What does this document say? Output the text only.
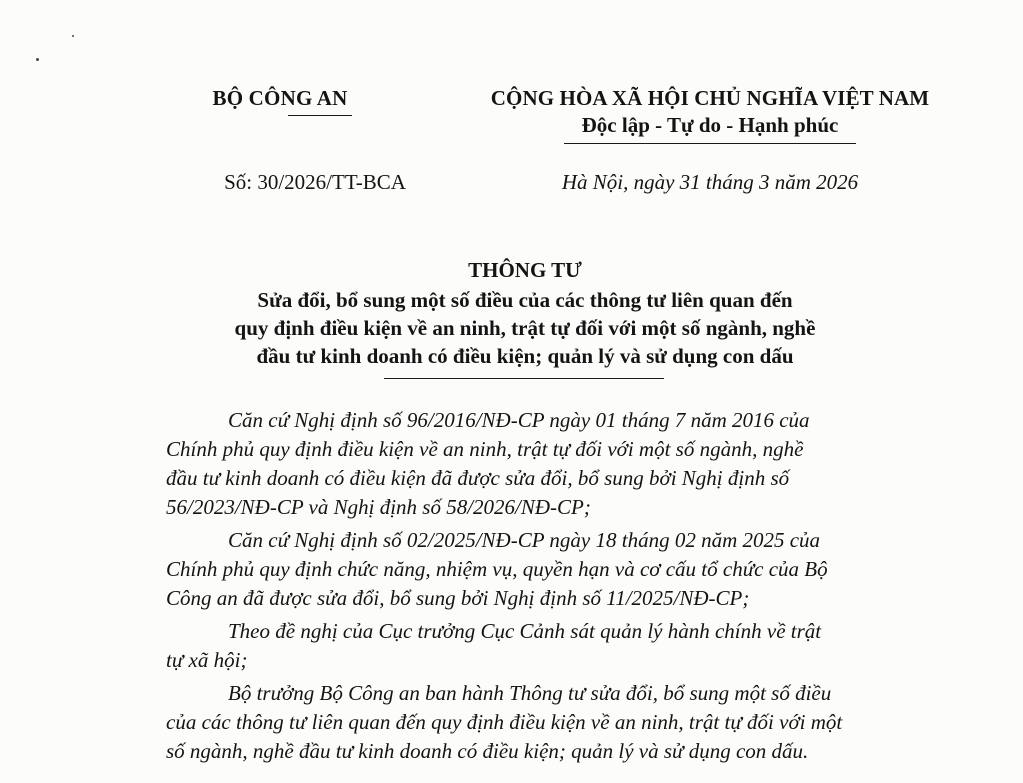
BỘ CÔNG AN	CỘNG HÒA XÃ HỘI CHỦ NGHĨA VIỆT NAM
Độc lập - Tự do - Hạnh phúc
Số: 30/2026/TT-BCA	Hà Nội, ngày 31 tháng 3 năm 2026
THÔNG TƯ
Sửa đổi, bổ sung một số điều của các thông tư liên quan đến
quy định điều kiện về an ninh, trật tự đối với một số ngành, nghề
đầu tư kinh doanh có điều kiện; quản lý và sử dụng con dấu
Căn cứ Nghị định số 96/2016/NĐ-CP ngày 01 tháng 7 năm 2016 của
Chính phủ quy định điều kiện về an ninh, trật tự đối với một số ngành, nghề
đầu tư kinh doanh có điều kiện đã được sửa đổi, bổ sung bởi Nghị định số
56/2023/NĐ-CP và Nghị định số 58/2026/NĐ-CP;
Căn cứ Nghị định số 02/2025/NĐ-CP ngày 18 tháng 02 năm 2025 của
Chính phủ quy định chức năng, nhiệm vụ, quyền hạn và cơ cấu tổ chức của Bộ
Công an đã được sửa đổi, bổ sung bởi Nghị định số 11/2025/NĐ-CP;
Theo đề nghị của Cục trưởng Cục Cảnh sát quản lý hành chính về trật
tự xã hội;
Bộ trưởng Bộ Công an ban hành Thông tư sửa đổi, bổ sung một số điều
của các thông tư liên quan đến quy định điều kiện về an ninh, trật tự đối với một
số ngành, nghề đầu tư kinh doanh có điều kiện; quản lý và sử dụng con dấu.
